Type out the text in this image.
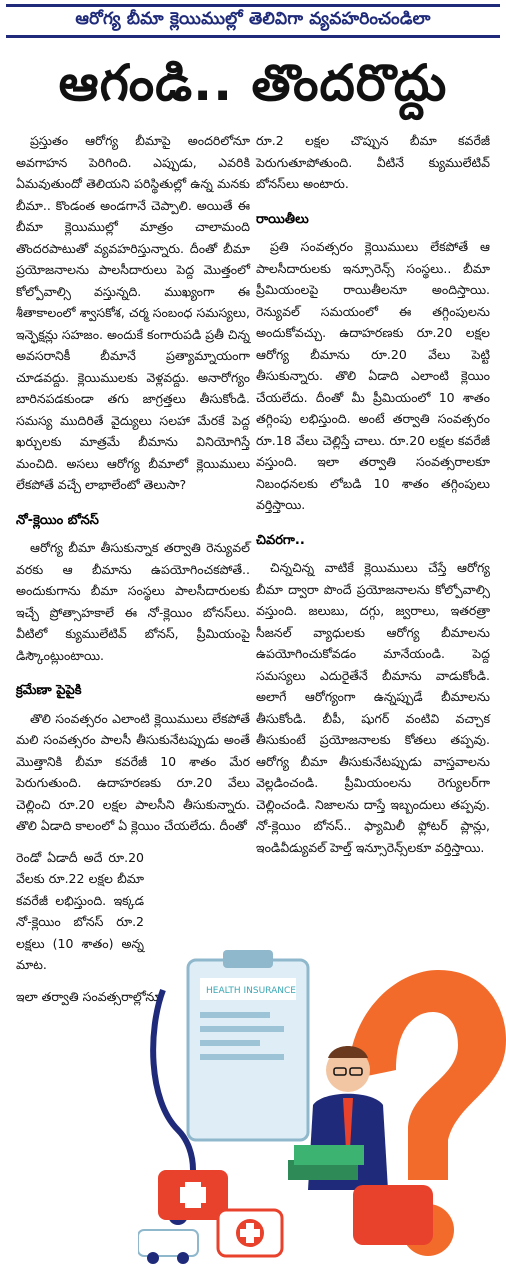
ఆరోగ్య బీమా క్లెయిముల్లో తెలివిగా వ్యవహరించండిలా
ఆగండి.. తొందరొద్దు

ప్రస్తుతం ఆరోగ్య బీమాపై అందరిలోనూ అవగాహన పెరిగింది. ఎప్పుడు, ఎవరికి ఏమవుతుందో తెలియని పరిస్థితుల్లో ఉన్న మనకు బీమా.. కొండంత అండగానే చెప్పాలి. అయితే ఈ బీమా క్లెయిముల్లో మాత్రం చాలామంది తొందరపాటుతో వ్యవహరిస్తున్నారు. దీంతో బీమా ప్రయోజనాలను పాలసీదారులు పెద్ద మొత్తంలో కోల్పోవాల్సి వస్తున్నది. ముఖ్యంగా ఈ శీతాకాలంలో శ్వాసకోశ, చర్మ సంబంధ సమస్యలు, ఇన్ఫెక్షన్లు సహజం. అందుకే కంగారుపడి ప్రతీ చిన్న అవసరానికీ బీమానే ప్రత్యామ్నాయంగా చూడవద్దు. క్లెయిములకు వెళ్లవద్దు. అనారోగ్యం బారినపడకుండా తగు జాగ్రత్తలు తీసుకోండి. సమస్య ముదిరితే వైద్యులు సలహా మేరకే పెద్ద ఖర్చులకు మాత్రమే బీమాను వినియోగిస్తే మంచిది. అసలు ఆరోగ్య బీమాలో క్లెయిములు లేకపోతే వచ్చే లాభాలేంటో తెలుసా?

నో-క్లెయిం బోనస్

ఆరోగ్య బీమా తీసుకున్నాక తర్వాతి రెన్యువల్ వరకు ఆ బీమాను ఉపయోగించకపోతే.. అందుకుగాను బీమా సంస్థలు పాలసీదారులకు ఇచ్చే ప్రోత్సాహకాలే ఈ నో-క్లెయిం బోనస్‌లు. వీటిలో క్యుములేటివ్ బోనస్, ప్రీమియంపై డిస్కౌంట్లుంటాయి.

క్రమేణా పైపైకి

తొలి సంవత్సరం ఎలాంటి క్లెయిములు లేకపోతే మలి సంవత్సరం పాలసీ తీసుకునేటప్పుడు అంతే మొత్తానికి బీమా కవరేజీ 10 శాతం మేర పెరుగుతుంది. ఉదాహరణకు రూ.20 వేలు చెల్లించి రూ.20 లక్షల పాలసీని తీసుకున్నారు. తొలి ఏడాది కాలంలో ఏ క్లెయిం చేయలేదు. దీంతో

రెండో ఏడాదీ అదే రూ.20 వేలకు రూ.22 లక్షల బీమా కవరేజీ లభిస్తుంది. ఇక్కడ నో-క్లెయిం బోనస్ రూ.2 లక్షలు (10 శాతం) అన్న మాట.

ఇలా తర్వాతి సంవత్సరాల్లోనూ

రూ.2 లక్షల చొప్పున బీమా కవరేజీ పెరుగుతూపోతుంది. వీటినే క్యుములేటివ్ బోనస్‌లు అంటారు.

రాయితీలు

ప్రతి సంవత్సరం క్లెయిములు లేకపోతే ఆ పాలసీదారులకు ఇన్సూరెన్స్ సంస్థలు.. బీమా ప్రీమియంలపై రాయితీలనూ అందిస్తాయి. రెన్యువల్ సమయంలో ఈ తగ్గింపులను అందుకోవచ్చు. ఉదాహరణకు రూ.20 లక్షల ఆరోగ్య బీమాను రూ.20 వేలు పెట్టి తీసుకున్నారు. తొలి ఏడాది ఎలాంటి క్లెయిం చేయలేదు. దీంతో మీ ప్రీమియంలో 10 శాతం తగ్గింపు లభిస్తుంది. అంటే తర్వాతి సంవత్సరం రూ.18 వేలు చెల్లిస్తే చాలు. రూ.20 లక్షల కవరేజీ వస్తుంది. ఇలా తర్వాతి సంవత్సరాలకూ నిబంధనలకు లోబడి 10 శాతం తగ్గింపులు వర్తిస్తాయి.

చివరగా..

చిన్నచిన్న వాటికే క్లెయిములు చేస్తే ఆరోగ్య బీమా ద్వారా పొందే ప్రయోజనాలను కోల్పోవాల్సి వస్తుంది. జలుబు, దగ్గు, జ్వరాలు, ఇతరత్రా సీజనల్ వ్యాధులకు ఆరోగ్య బీమాలను ఉపయోగించుకోవడం మానేయండి. పెద్ద సమస్యలు ఎదురైతేనే బీమాను వాడుకోండి. అలాగే ఆరోగ్యంగా ఉన్నప్పుడే బీమాలను తీసుకోండి. బీపీ, షుగర్ వంటివి వచ్చాక తీసుకుంటే ప్రయోజనాలకు కోతలు తప్పవు. ఆరోగ్య బీమా తీసుకునేటప్పుడు వాస్తవాలను వెల్లడించండి. ప్రీమియంలను రెగ్యులర్‌గా చెల్లించండి. నిజాలను దాస్తే ఇబ్బందులు తప్పవు. నో-క్లెయిం బోనస్‌.. ఫ్యామిలీ ఫ్లోటర్ ప్లాన్లు, ఇండివీడ్యువల్ హెల్త్ ఇన్సూరెన్స్‌లకూ వర్తిస్తాయి.

HEALTH INSURANCE
